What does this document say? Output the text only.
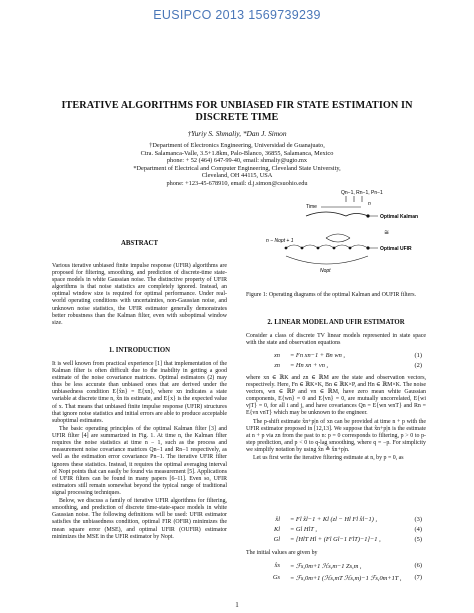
EUSIPCO 2013 1569739239
ITERATIVE ALGORITHMS FOR UNBIASED FIR STATE ESTIMATION IN
DISCRETE TIME
†Yuriy S. Shmaliy, *Dan J. Simon
†Department of Electronics Engineering, Universidad de Guanajuato,
Ctra. Salamanca-Valle, 3.5+1.8km, Palo-Blanco, 36855, Salamanca, Mexico
phone: + 52 (464) 647-99-40, email: shmaliy@ugto.mx
*Department of Electrical and Computer Engineering, Cleveland State University,
Cleveland, OH 44115, USA
phone: +123-45-678910, email: d.j.simon@csuohio.edu
ABSTRACT

Various iterative unbiased finite impulse response (UFIR) algorithms are proposed for filtering, smoothing, and prediction of discrete-time state-space models in white Gaussian noise. The distinctive property of UFIR algorithms is that noise statistics are completely ignored. Instead, an optimal window size is required for optimal performance. Under real-world operating conditions with uncertainties, non-Gaussian noise, and unknown noise statistics, the UFIR estimator generally demonstrates better robustness than the Kalman filter, even with suboptimal window size.

1. INTRODUCTION

It is well known from practical experience [1] that implementation of the Kalman filter is often difficult due to the inability in getting a good estimate of the noise covariance matrices. Optimal estimators (2) may thus be less accurate than unbiased ones that are derived under the unbiasedness condition E{x̂n} = E{xn}, where xn indicates a state variable at discrete time n, x̂n its estimate, and E{x} is the expected value of x. That means that unbiased finite impulse response (UFIR) structures that ignore noise statistics and initial errors are able to produce acceptable suboptimal estimates.

The basic operating principles of the optimal Kalman filter [3] and UFIR filter [4] are summarized in Fig. 1. At time n, the Kalman filter requires the noise statistics at time n − 1, such as the process and measurement noise covariance matrices Qn−1 and Rn−1 respectively, as well as the estimation error covariance Pn−1. The iterative UFIR filter ignores these statistics. Instead, it requires the optimal averaging interval of Nopt points that can easily be found via measurement [5]. Applications of UFIR filters can be found in many papers [6–11]. Even so, UFIR estimators still remain somewhat beyond the typical range of traditional signal processing techniques.

Below, we discuss a family of iterative UFIR algorithms for filtering, smoothing, and prediction of discrete time-state-space models in white Gaussian noise. The following definitions will be used: UFIR estimator satisfies the unbiasedness condition, optimal FIR (OFIR) minimizes the mean square error (MSE), and optimal UFIR (OUFIR) estimator minimizes the MSE in the UFIR estimator by Nopt.

Qn−1, Rn−1, Pn−1
Time	n
Optimal Kalman
≅
Optimal UFIR
n − Nopt + 1
Nopt
Figure 1: Operating diagrams of the optimal Kalman and OUFIR filters.
2. LINEAR MODEL AND UFIR ESTIMATOR

Consider a class of discrete TV linear models represented in state space with the state and observation equations

xn = Fn xn−1 + Bn wn ,	(1)
zn = Hn xn + vn ,	(2)

where xn ∈ ℝK and zn ∈ ℝM are the state and observation vectors, respectively. Here, Fn ∈ ℝK×K, Bn ∈ ℝK×P, and Hn ∈ ℝM×K. The noise vectors, wn ∈ ℝP and vn ∈ ℝM, have zero mean white Gaussian components, E{wn} = 0 and E{vn} = 0, are mutually uncorrelated, E{wi vjT} = 0, for all i and j, and have covariances Qn = E{wn wnT} and Rn = E{vn vnT} which may be unknown to the engineer.

The p-shift estimate x̂n+p|n of xn can be provided at time n + p with the UFIR estimator proposed in [12,13]. We suppose that x̂n+p|n is the estimate at n + p via zn from the past to n: p = 0 corresponds to filtering, p > 0 to p-step prediction, and p < 0 to q-lag smoothing, where q = −p. For simplicity we simplify notation by using x̂n ≜ x̂n+p|n.

Let us first write the iterative filtering estimate at n, by p = 0, as

x̂l = Fl x̂l−1 + Kl (zl − Hl Fl x̂l−1) ,	(3)
Kl = Gl HlT ,	(4)
Gl = [HlT Hl + (Fl Gl−1 FlT)−1]−1 ,	(5)

The initial values are given by

x̂s = ℱs,0m+1 ℋs,m−1 Zs,m ,	(6)
Gs = ℱs,0m+1 (ℋs,mT ℋs,m)−1 ℱs,0m+1T , (7)
1
